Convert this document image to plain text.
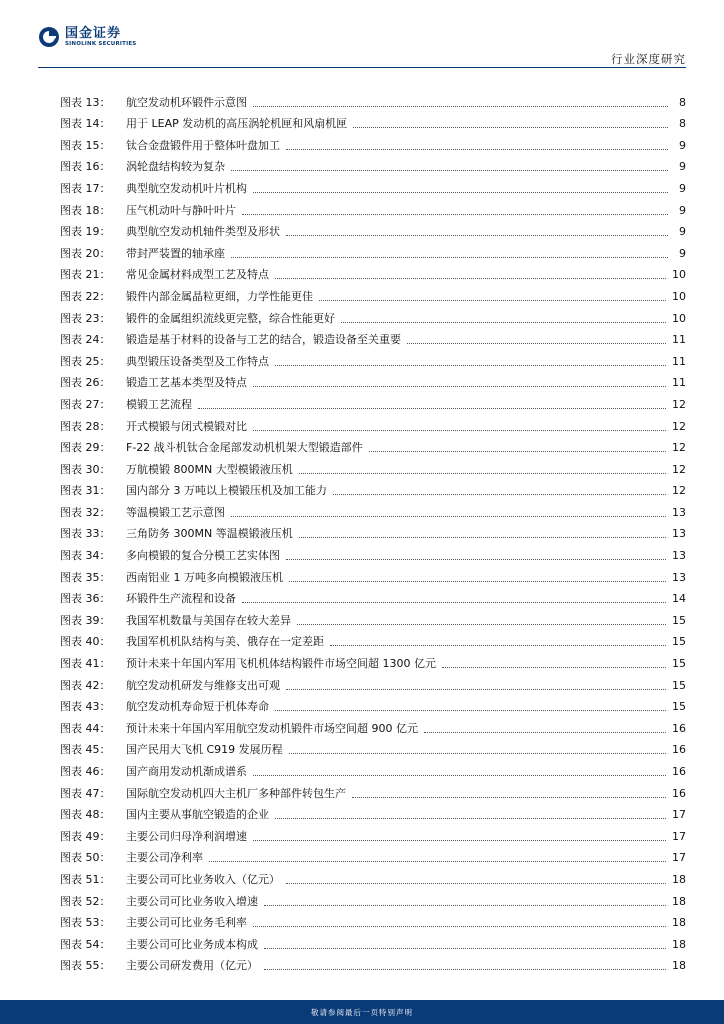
国金证券
SINOLINK SECURITIES
行业深度研究
图表 13：	航空发动机环锻件示意图	8
图表 14：	用于 LEAP 发动机的高压涡轮机匣和风扇机匣	8
图表 15：	钛合金盘锻件用于整体叶盘加工	9
图表 16：	涡轮盘结构较为复杂	9
图表 17：	典型航空发动机叶片机构	9
图表 18：	压气机动叶与静叶叶片	9
图表 19：	典型航空发动机轴件类型及形状	9
图表 20：	带封严装置的轴承座	9
图表 21：	常见金属材料成型工艺及特点	10
图表 22：	锻件内部金属晶粒更细，力学性能更佳	10
图表 23：	锻件的金属组织流线更完整，综合性能更好	10
图表 24：	锻造是基于材料的设备与工艺的结合，锻造设备至关重要	11
图表 25：	典型锻压设备类型及工作特点	11
图表 26：	锻造工艺基本类型及特点	11
图表 27：	模锻工艺流程	12
图表 28：	开式模锻与闭式模锻对比	12
图表 29：	F-22 战斗机钛合金尾部发动机机架大型锻造部件	12
图表 30：	万航模锻 800MN 大型模锻液压机	12
图表 31：	国内部分 3 万吨以上模锻压机及加工能力	12
图表 32：	等温模锻工艺示意图	13
图表 33：	三角防务 300MN 等温模锻液压机	13
图表 34：	多向模锻的复合分模工艺实体图	13
图表 35：	西南铝业 1 万吨多向模锻液压机	13
图表 36：	环锻件生产流程和设备	14
图表 39：	我国军机数量与美国存在较大差异	15
图表 40：	我国军机机队结构与美、俄存在一定差距	15
图表 41：	预计未来十年国内军用飞机机体结构锻件市场空间超 1300 亿元	15
图表 42：	航空发动机研发与维修支出可观	15
图表 43：	航空发动机寿命短于机体寿命	15
图表 44：	预计未来十年国内军用航空发动机锻件市场空间超 900 亿元	16
图表 45：	国产民用大飞机 C919 发展历程	16
图表 46：	国产商用发动机渐成谱系	16
图表 47：	国际航空发动机四大主机厂多种部件转包生产	16
图表 48：	国内主要从事航空锻造的企业	17
图表 49：	主要公司归母净利润增速	17
图表 50：	主要公司净利率	17
图表 51：	主要公司可比业务收入（亿元）	18
图表 52：	主要公司可比业务收入增速	18
图表 53：	主要公司可比业务毛利率	18
图表 54：	主要公司可比业务成本构成	18
图表 55：	主要公司研发费用（亿元）	18
敬请参阅最后一页特别声明
